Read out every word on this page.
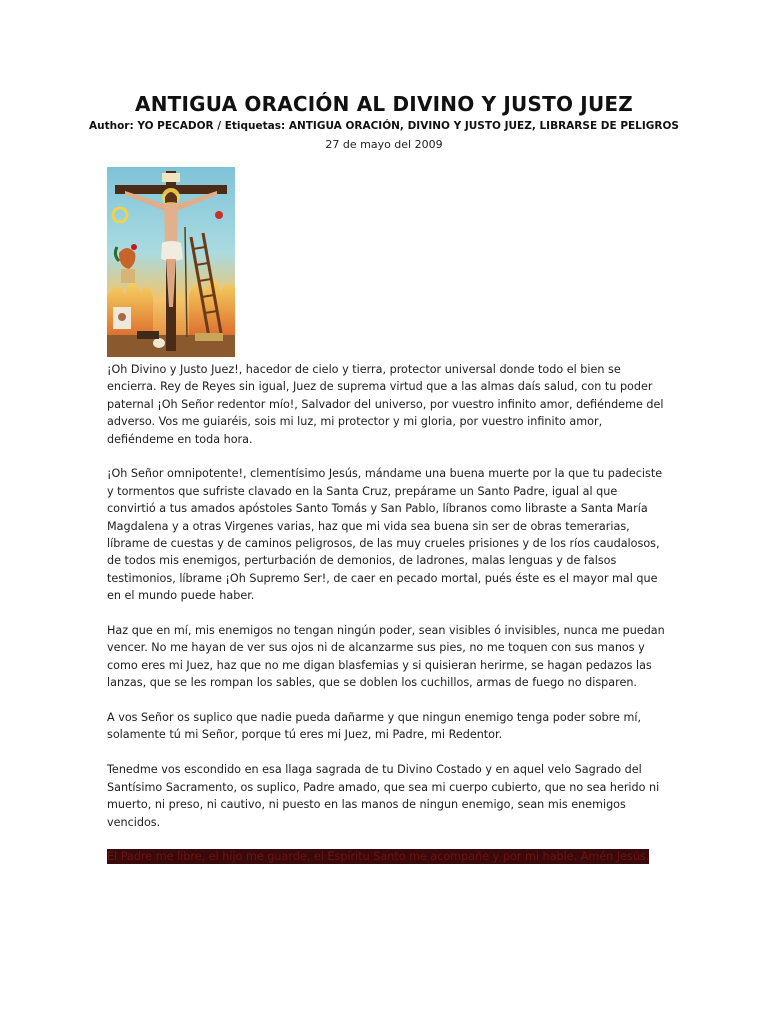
ANTIGUA ORACIÓN AL DIVINO Y JUSTO JUEZ
Author: YO PECADOR / Etiquetas: ANTIGUA ORACIÓN, DIVINO Y JUSTO JUEZ, LIBRARSE DE PELIGROS
27 de mayo del 2009

¡Oh Divino y Justo Juez!, hacedor de cielo y tierra, protector universal donde todo el bien se encierra. Rey de Reyes sin igual, Juez de suprema virtud que a las almas daís salud, con tu poder paternal ¡Oh Señor redentor mío!, Salvador del universo, por vuestro infinito amor, defiéndeme del adverso. Vos me guiaréis, sois mi luz, mi protector y mi gloria, por vuestro infinito amor, defiéndeme en toda hora.

¡Oh Señor omnipotente!, clementísimo Jesús, mándame una buena muerte por la que tu padeciste y tormentos que sufriste clavado en la Santa Cruz, prepárame un Santo Padre, igual al que convirtió a tus amados apóstoles Santo Tomás y San Pablo, líbranos como libraste a Santa María Magdalena y a otras Virgenes varias, haz que mi vida sea buena sin ser de obras temerarias, líbrame de cuestas y de caminos peligrosos, de las muy crueles prisiones y de los ríos caudalosos, de todos mis enemigos, perturbación de demonios, de ladrones, malas lenguas y de falsos testimonios, líbrame ¡Oh Supremo Ser!, de caer en pecado mortal, pués éste es el mayor mal que en el mundo puede haber.

Haz que en mí, mis enemigos no tengan ningún poder, sean visibles ó invisibles, nunca me puedan vencer. No me hayan de ver sus ojos ni de alcanzarme sus pies, no me toquen con sus manos y como eres mi Juez, haz que no me digan blasfemias y si quisieran herirme, se hagan pedazos las lanzas, que se les rompan los sables, que se doblen los cuchillos, armas de fuego no disparen.

A vos Señor os suplico que nadie pueda dañarme y que ningun enemigo tenga poder sobre mí, solamente tú mi Señor, porque tú eres mi Juez, mi Padre, mi Redentor.

Tenedme vos escondido en esa llaga sagrada de tu Divino Costado y en aquel velo Sagrado del Santísimo Sacramento, os suplico, Padre amado, que sea mi cuerpo cubierto, que no sea herido ni muerto, ni preso, ni cautivo, ni puesto en las manos de ningun enemigo, sean mis enemigos vencidos.

El Padre me libre, el hijo me guarde, el Espíritu Santo me acompañe y por mi hable. Amén Jesús.
